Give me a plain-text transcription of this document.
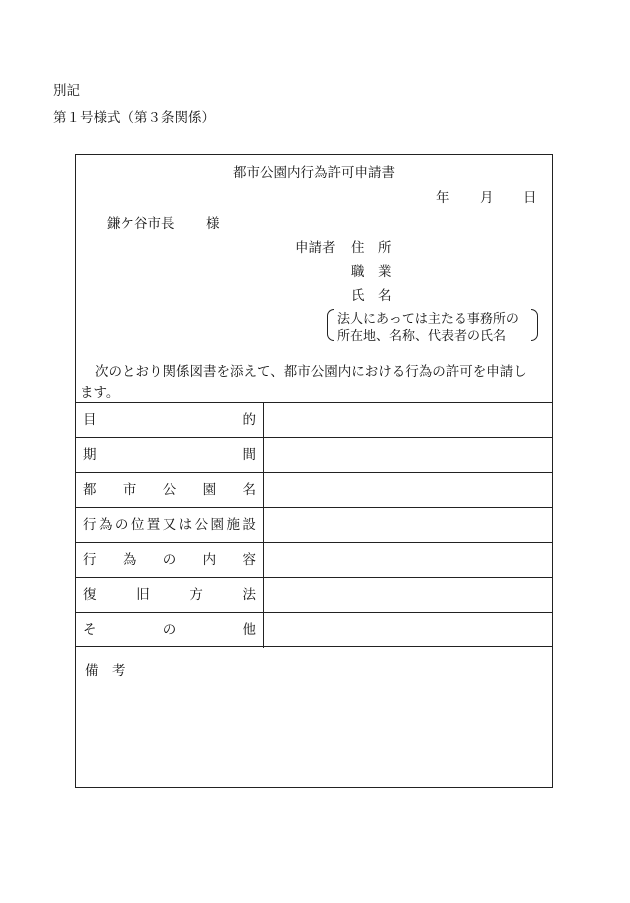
別記
第１号様式（第３条関係）
都市公園内行為許可申請書
年 月 日
鎌ケ谷市長 様
申請者 住　所
職　業
氏　名
法人にあっては主たる事務所の
所在地、名称、代表者の氏名
次のとおり関係図書を添えて、都市公園内における行為の許可を申請し
ます。
目	的
期	間
都 市 公 園 名
行 為 の 位 置 又 は 公 園 施 設
行 為 の 内 容
復	旧	方	法
そ	の	他
備　考
